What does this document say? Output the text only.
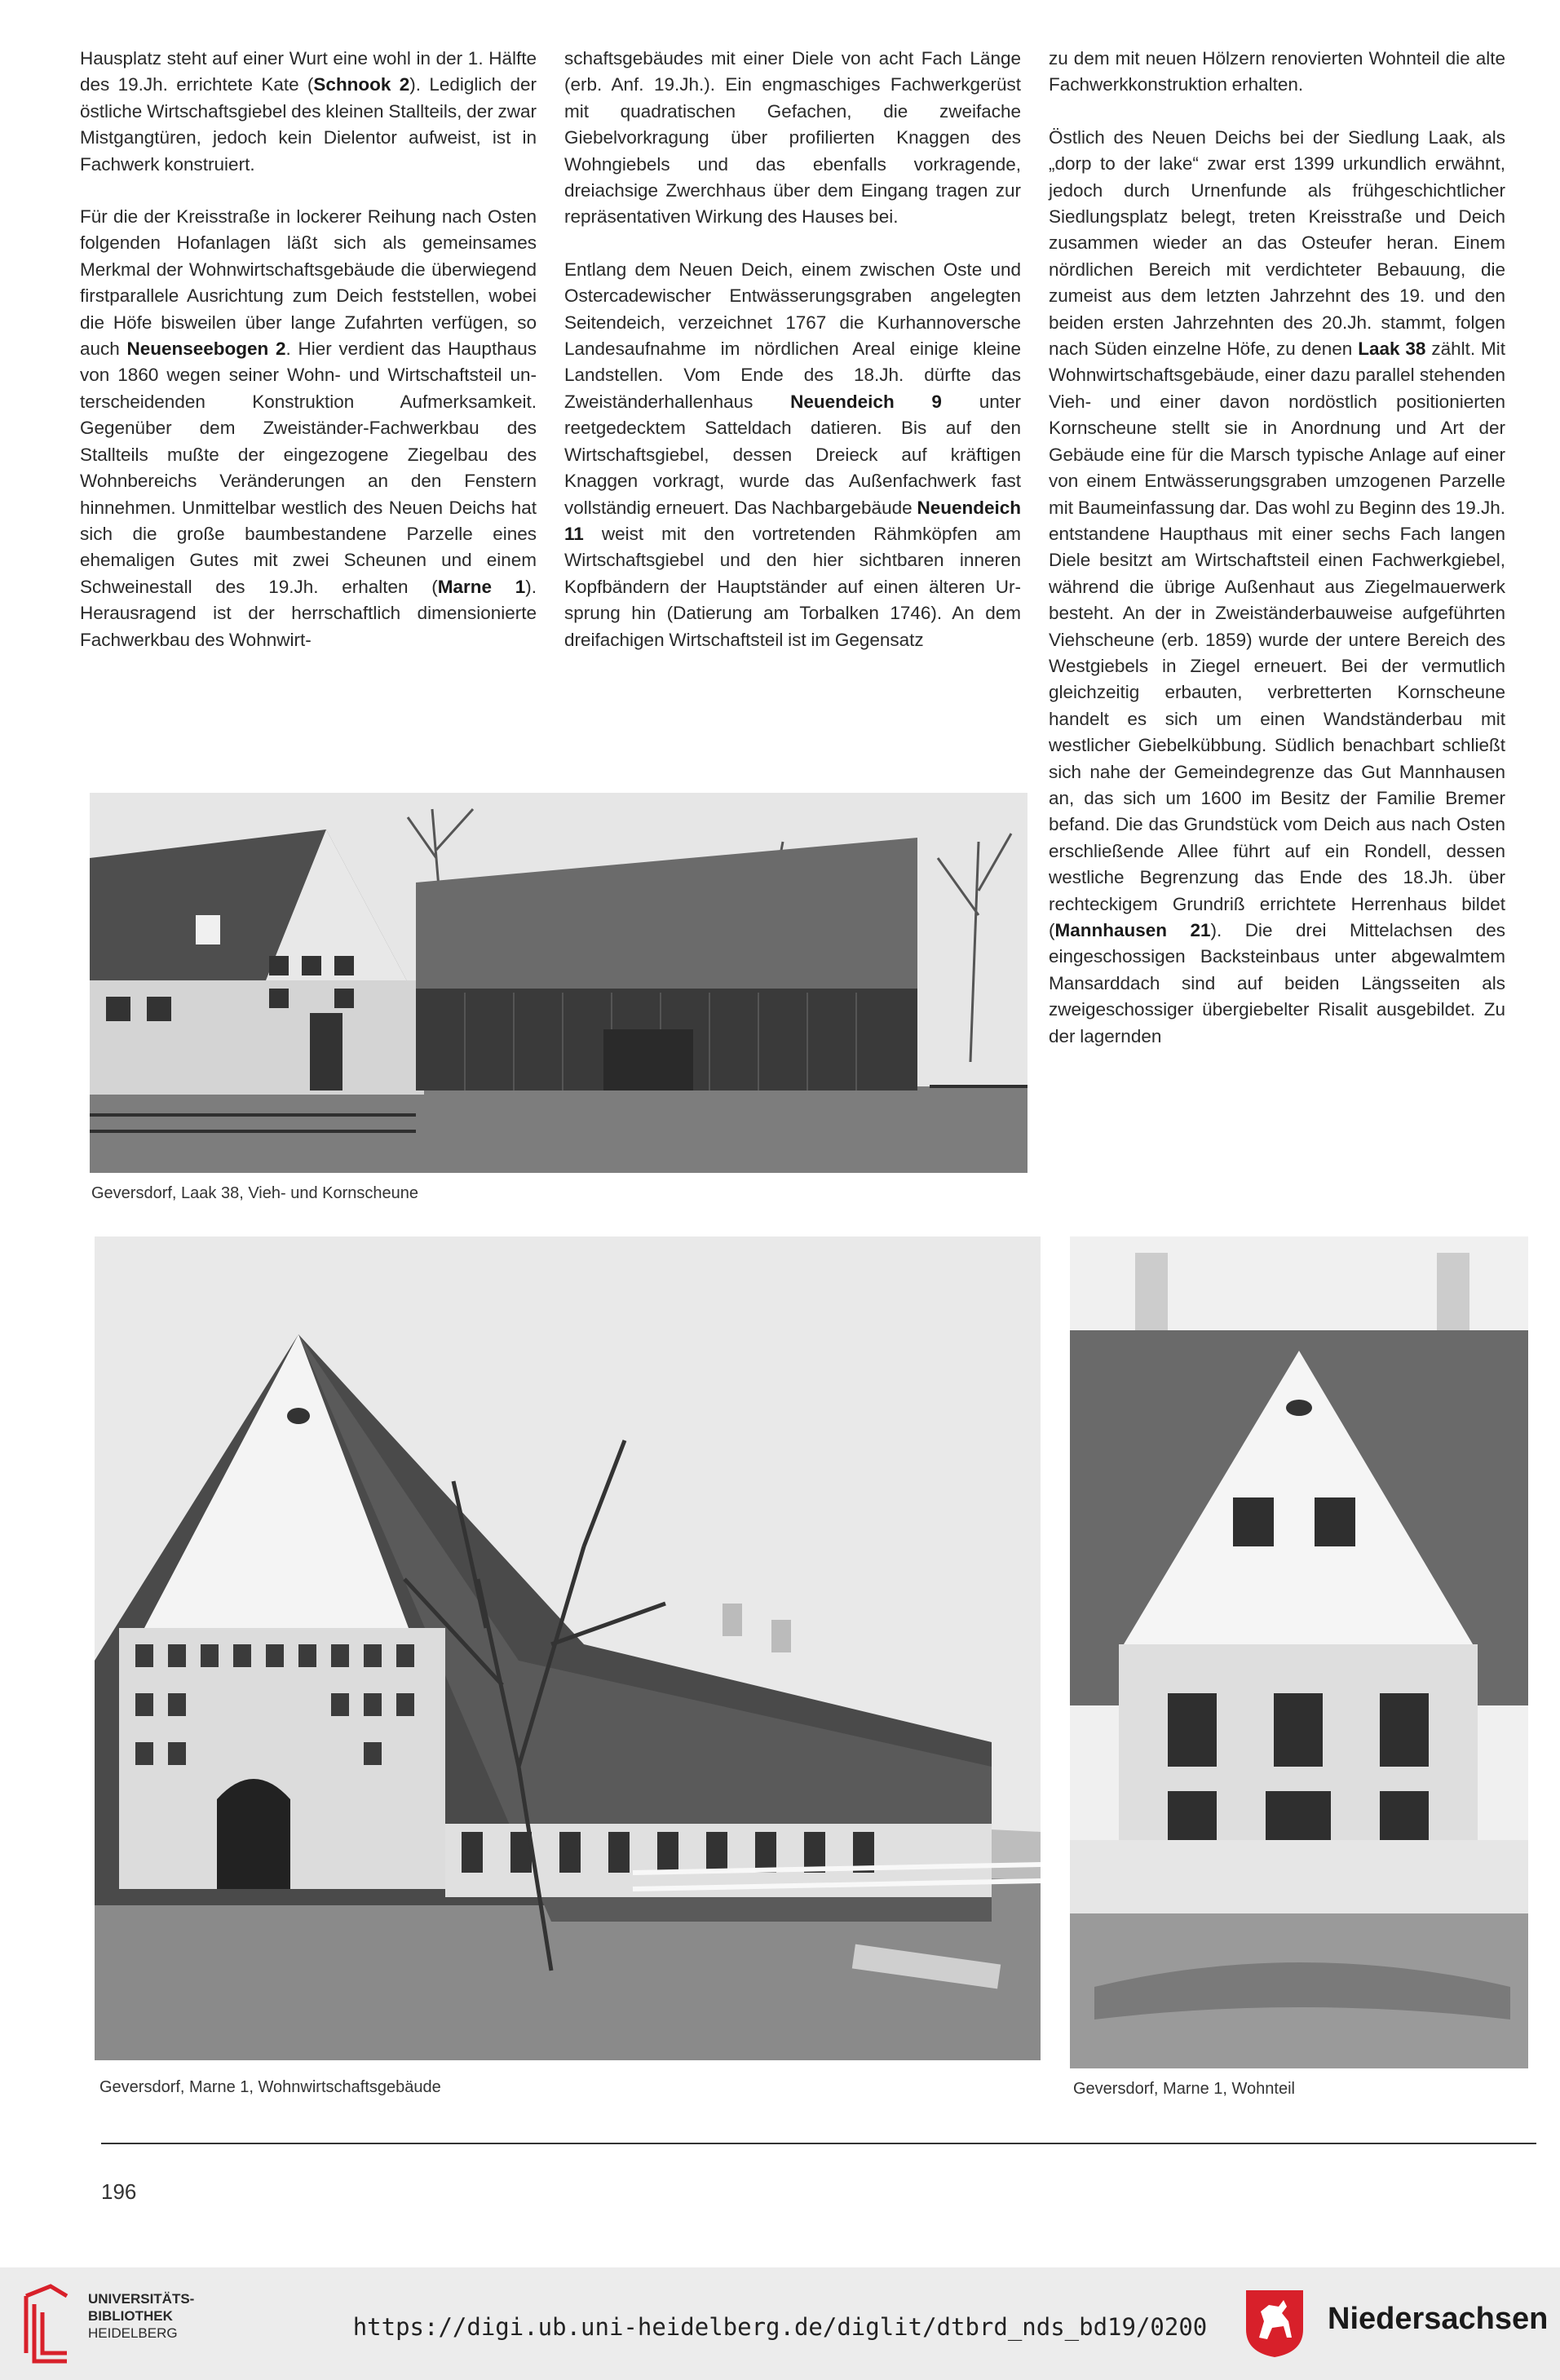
Hausplatz steht auf einer Wurt eine wohl in der 1. Hälfte des 19.Jh. errichtete Kate (Schnook 2). Lediglich der östliche Wirtschaftsgiebel des kleinen Stallteils, der zwar Mistgangtüren, jedoch kein Dielentor aufweist, ist in Fachwerk konstruiert.

Für die der Kreisstraße in lockerer Reihung nach Osten folgenden Hofanlagen läßt sich als gemeinsames Merkmal der Wohnwirtschaftsgebäude die überwiegend firstparallele Ausrichtung zum Deich feststellen, wobei die Höfe bisweilen über lange Zufahrten verfügen, so auch Neuenseebogen 2. Hier verdient das Haupthaus von 1860 wegen seiner Wohn- und Wirtschaftsteil unterscheidenden Konstruktion Aufmerksamkeit. Gegenüber dem Zweiständer-Fachwerkbau des Stallteils mußte der eingezogene Ziegelbau des Wohnbereichs Veränderungen an den Fenstern hinnehmen. Unmittelbar westlich des Neuen Deichs hat sich die große baumbestandene Parzelle eines ehemaligen Gutes mit zwei Scheunen und einem Schweinestall des 19.Jh. erhalten (Marne 1). Herausragend ist der herrschaftlich dimensionierte Fachwerkbau des Wohnwirt-

schaftsgebäudes mit einer Diele von acht Fach Länge (erb. Anf. 19.Jh.). Ein engmaschiges Fachwerkgerüst mit quadratischen Gefachen, die zweifache Giebelvorkragung über profilierten Knaggen des Wohngiebels und das ebenfalls vorkragende, dreiachsige Zwerchhaus über dem Eingang tragen zur repräsentativen Wirkung des Hauses bei.

Entlang dem Neuen Deich, einem zwischen Oste und Ostercadewischer Entwässerungsgraben angelegten Seitendeich, verzeichnet 1767 die Kurhannoversche Landesaufnahme im nördlichen Areal einige kleine Landstellen. Vom Ende des 18.Jh. dürfte das Zweiständerhallenhaus Neuendeich 9 unter reetgedecktem Satteldach datieren. Bis auf den Wirtschaftsgiebel, dessen Dreieck auf kräftigen Knaggen vorkragt, wurde das Außenfachwerk fast vollständig erneuert. Das Nachbargebäude Neuendeich 11 weist mit den vortretenden Rähmköpfen am Wirtschaftsgiebel und den hier sichtbaren inneren Kopfbändern der Hauptständer auf einen älteren Ursprung hin (Datierung am Torbalken 1746). An dem dreifachigen Wirtschaftsteil ist im Gegensatz

zu dem mit neuen Hölzern renovierten Wohnteil die alte Fachwerkkonstruktion erhalten.

Östlich des Neuen Deichs bei der Siedlung Laak, als „dorp to der lake“ zwar erst 1399 urkundlich erwähnt, jedoch durch Urnenfunde als frühgeschichtlicher Siedlungsplatz belegt, treten Kreisstraße und Deich zusammen wieder an das Osteufer heran. Einem nördlichen Bereich mit verdichteter Bebauung, die zumeist aus dem letzten Jahrzehnt des 19. und den beiden ersten Jahrzehnten des 20.Jh. stammt, folgen nach Süden einzelne Höfe, zu denen Laak 38 zählt. Mit Wohnwirtschaftsgebäude, einer dazu parallel stehenden Vieh- und einer davon nordöstlich positionierten Kornscheune stellt sie in Anordnung und Art der Gebäude eine für die Marsch typische Anlage auf einer von einem Entwässerungsgraben umzogenen Parzelle mit Baumeinfassung dar. Das wohl zu Beginn des 19.Jh. entstandene Haupthaus mit einer sechs Fach langen Diele besitzt am Wirtschaftsteil einen Fachwerkgiebel, während die übrige Außenhaut aus Ziegelmauerwerk besteht. An der in Zweiständerbauweise aufgeführten Viehscheune (erb. 1859) wurde der untere Bereich des Westgiebels in Ziegel erneuert. Bei der vermutlich gleichzeitig erbauten, verbretterten Kornscheune handelt es sich um einen Wandständerbau mit westlicher Giebelkübbung. Südlich benachbart schließt sich nahe der Gemeindegrenze das Gut Mannhausen an, das sich um 1600 im Besitz der Familie Bremer befand. Die das Grundstück vom Deich aus nach Osten erschließende Allee führt auf ein Rondell, dessen westliche Begrenzung das Ende des 18.Jh. über rechteckigem Grundriß errichtete Herrenhaus bildet (Mannhausen 21). Die drei Mittelachsen des eingeschossigen Backsteinbaus unter abgewalmtem Mansarddach sind auf beiden Längsseiten als zweigeschossiger übergiebelter Risalit ausgebildet. Zu der lagernden

Geversdorf, Laak 38, Vieh- und Kornscheune
Geversdorf, Marne 1, Wohnwirtschaftsgebäude	Geversdorf, Marne 1, Wohnteil
196
UNIVERSITÄTS-
BIBLIOTHEK
HEIDELBERG	https://digi.ub.uni-heidelberg.de/diglit/dtbrd_nds_bd19/0200	Niedersachsen
